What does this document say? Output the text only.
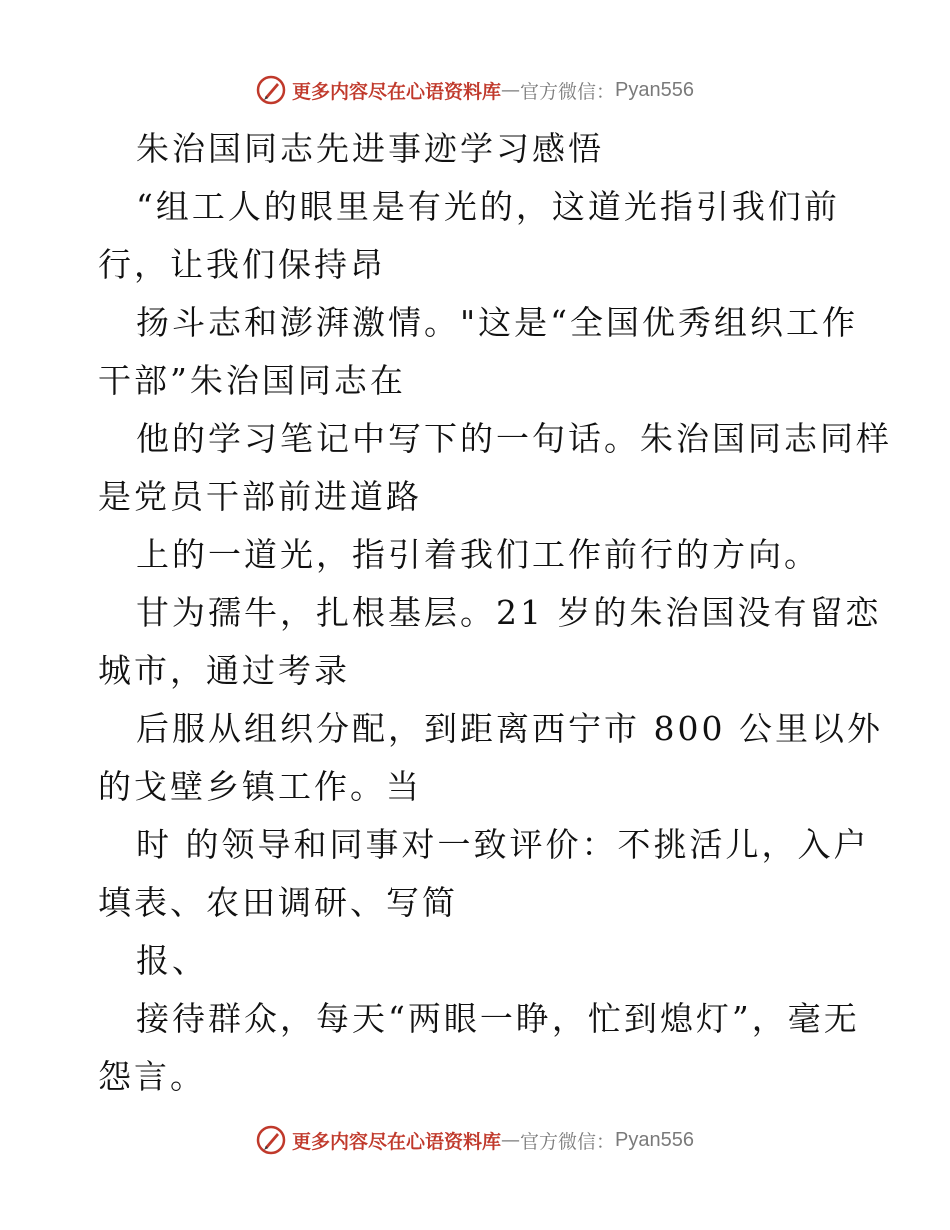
更多内容尽在心语资料库 — 官方微信： Pyan556
朱治国同志先进事迹学习感悟
“组工人的眼里是有光的，这道光指引我们前
行，让我们保持昂
扬斗志和澎湃激情。"这是“全国优秀组织工作
干部”朱治国同志在
他的学习笔记中写下的一句话。朱治国同志同样
是党员干部前进道路
上的一道光，指引着我们工作前行的方向。
甘为孺牛，扎根基层。21 岁的朱治国没有留恋
城市，通过考录
后服从组织分配，到距离西宁市 800 公里以外
的戈壁乡镇工作。当
时 的领导和同事对一致评价：不挑活儿，入户
填表、农田调研、写简
报、
接待群众，每天“两眼一睁，忙到熄灯”，毫无
怨言。
更多内容尽在心语资料库 — 官方微信： Pyan556
